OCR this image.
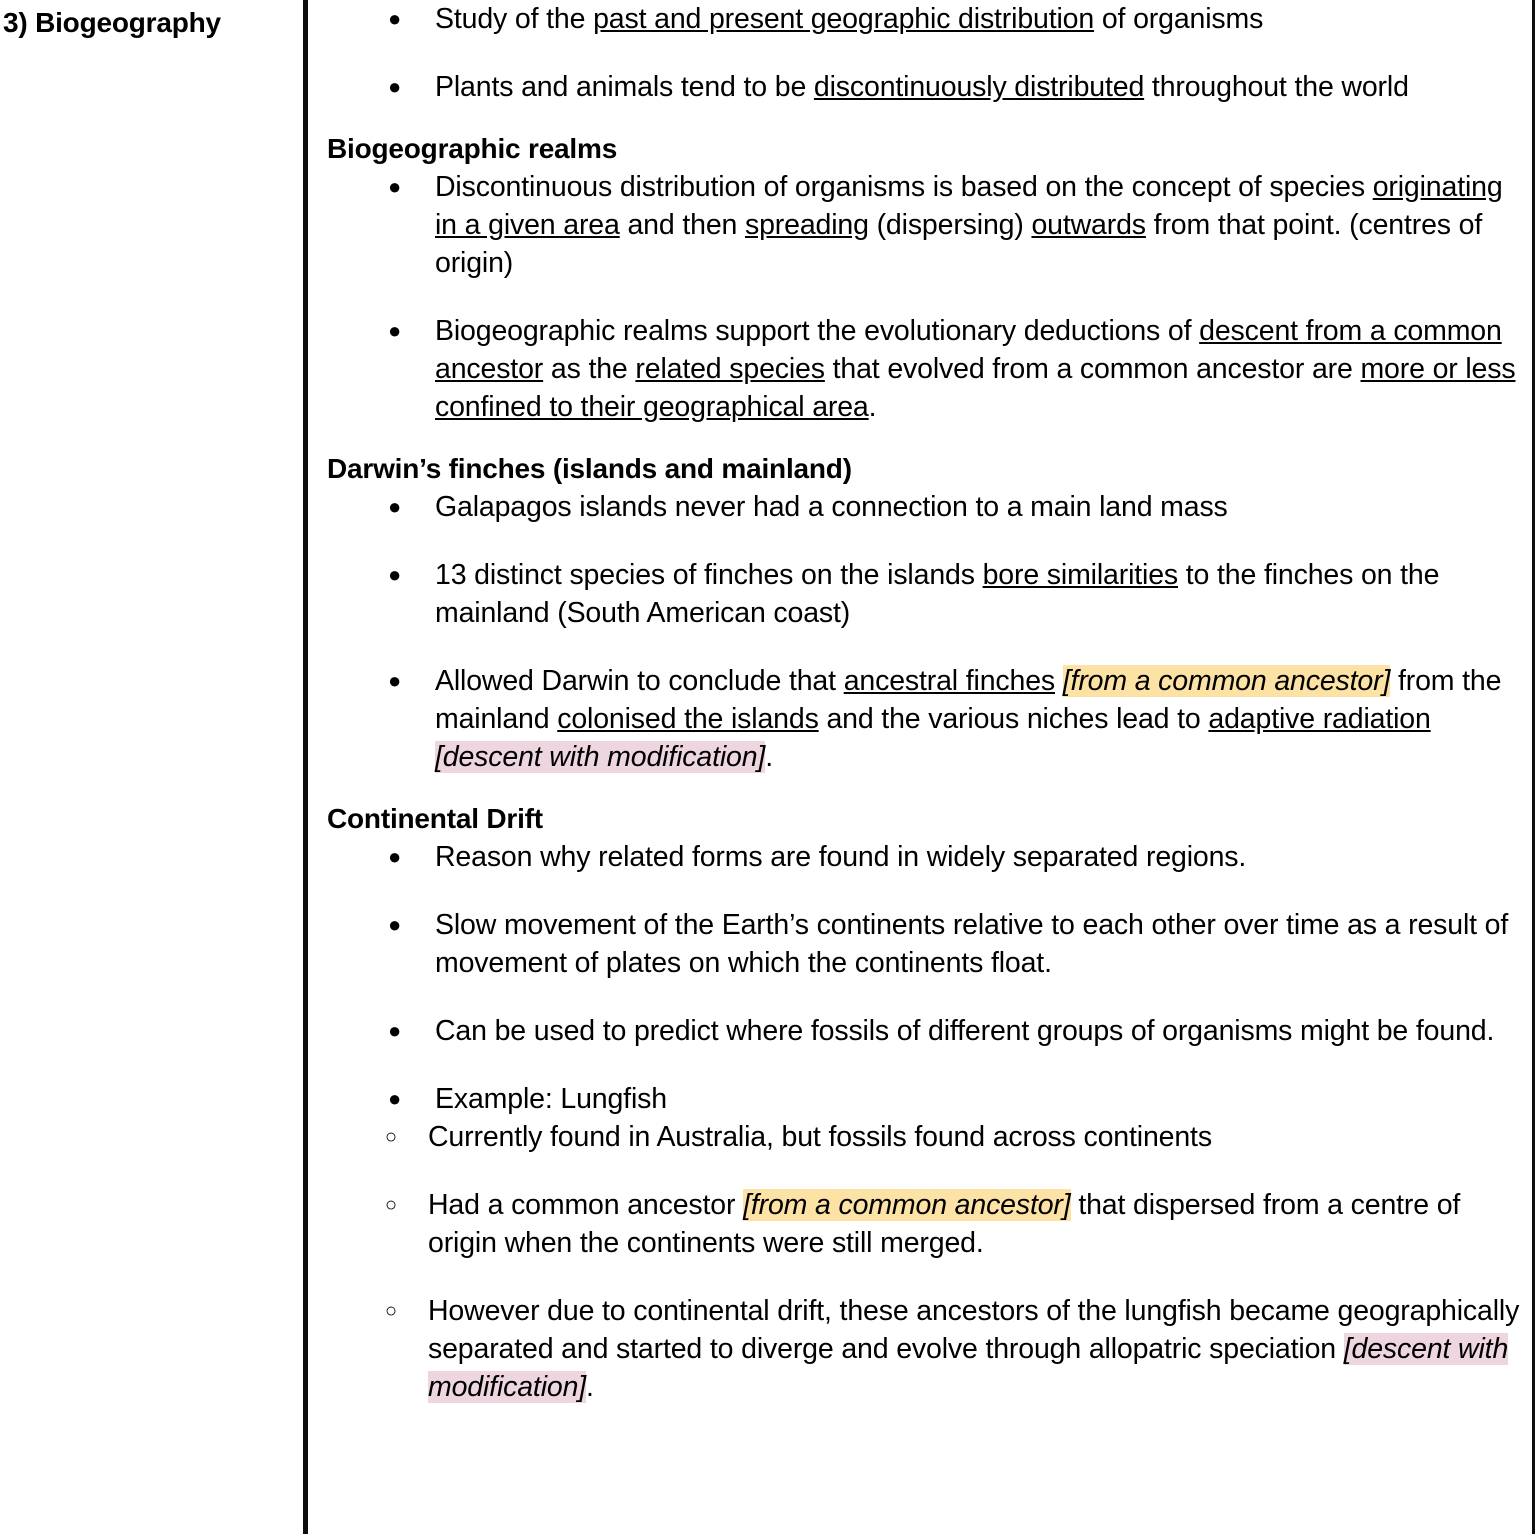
3) Biogeography	● Study of the past and present geographic distribution of organisms
● Plants and animals tend to be discontinuously distributed throughout the world
Biogeographic realms
● Discontinuous distribution of organisms is based on the concept of species originating in a given area and then spreading (dispersing) outwards from that point. (centres of origin)
● Biogeographic realms support the evolutionary deductions of descent from a common ancestor as the related species that evolved from a common ancestor are more or less confined to their geographical area.
Darwin’s finches (islands and mainland)
● Galapagos islands never had a connection to a main land mass
● 13 distinct species of finches on the islands bore similarities to the finches on the mainland (South American coast)
● Allowed Darwin to conclude that ancestral finches [from a common ancestor] from the mainland colonised the islands and the various niches lead to adaptive radiation [descent with modification].
Continental Drift
● Reason why related forms are found in widely separated regions.
● Slow movement of the Earth’s continents relative to each other over time as a result of movement of plates on which the continents float.
● Can be used to predict where fossils of different groups of organisms might be found.
● Example: Lungfish
○ Currently found in Australia, but fossils found across continents
○ Had a common ancestor [from a common ancestor] that dispersed from a centre of origin when the continents were still merged.
○ However due to continental drift, these ancestors of the lungfish became geographically separated and started to diverge and evolve through allopatric speciation [descent with modification].
